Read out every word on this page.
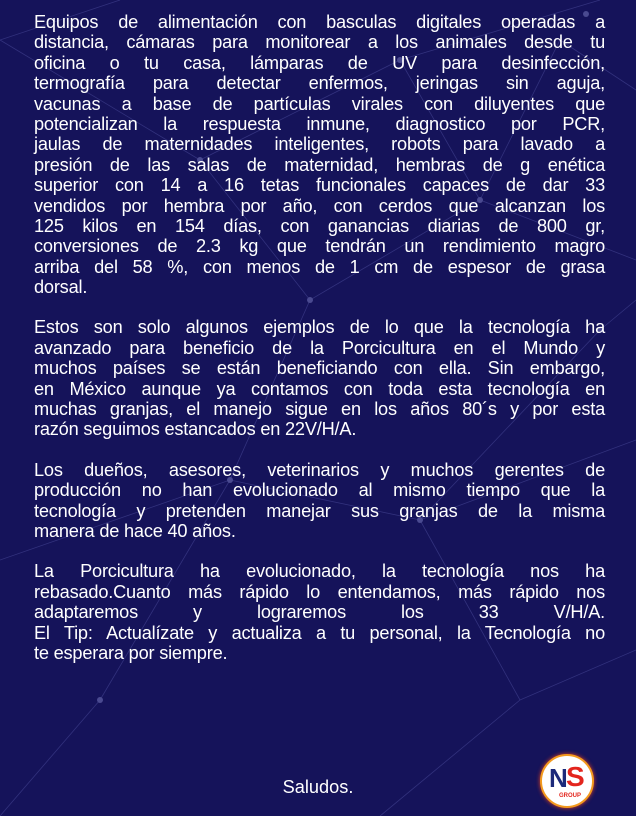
Equipos de alimentación con basculas digitales operadas a
distancia, cámaras para monitorear a los animales desde tu
oficina o tu casa, lámparas de UV para desinfección,
termografía para detectar enfermos, jeringas sin aguja,
vacunas a base de partículas virales con diluyentes que
potencializan la respuesta inmune, diagnostico por PCR,
jaulas de maternidades inteligentes, robots para lavado a
presión de las salas de maternidad, hembras de g enética
superior con 14 a 16 tetas funcionales capaces de dar 33
vendidos por hembra por año, con cerdos que alcanzan los
125 kilos en 154 días, con ganancias diarias de 800 gr,
conversiones de 2.3 kg que tendrán un rendimiento magro
arriba del 58 %, con menos de 1 cm de espesor de grasa
dorsal.
Estos son solo algunos ejemplos de lo que la tecnología ha
avanzado para beneficio de la Porcicultura en el Mundo y
muchos países se están beneficiando con ella. Sin embargo,
en México aunque ya contamos con toda esta tecnología en
muchas granjas, el manejo sigue en los años 80´s y por esta
razón seguimos estancados en 22V/H/A.
Los dueños, asesores, veterinarios y muchos gerentes de
producción no han evolucionado al mismo tiempo que la
tecnología y pretenden manejar sus granjas de la misma
manera de hace 40 años.
La Porcicultura ha evolucionado, la tecnología nos ha
rebasado.Cuanto más rápido lo entendamos, más rápido nos
adaptaremos y lograremos los 33 V/H/A.
El Tip: Actualízate y actualiza a tu personal, la Tecnología no
te esperara por siempre.
Saludos.	N
S
GROUP
